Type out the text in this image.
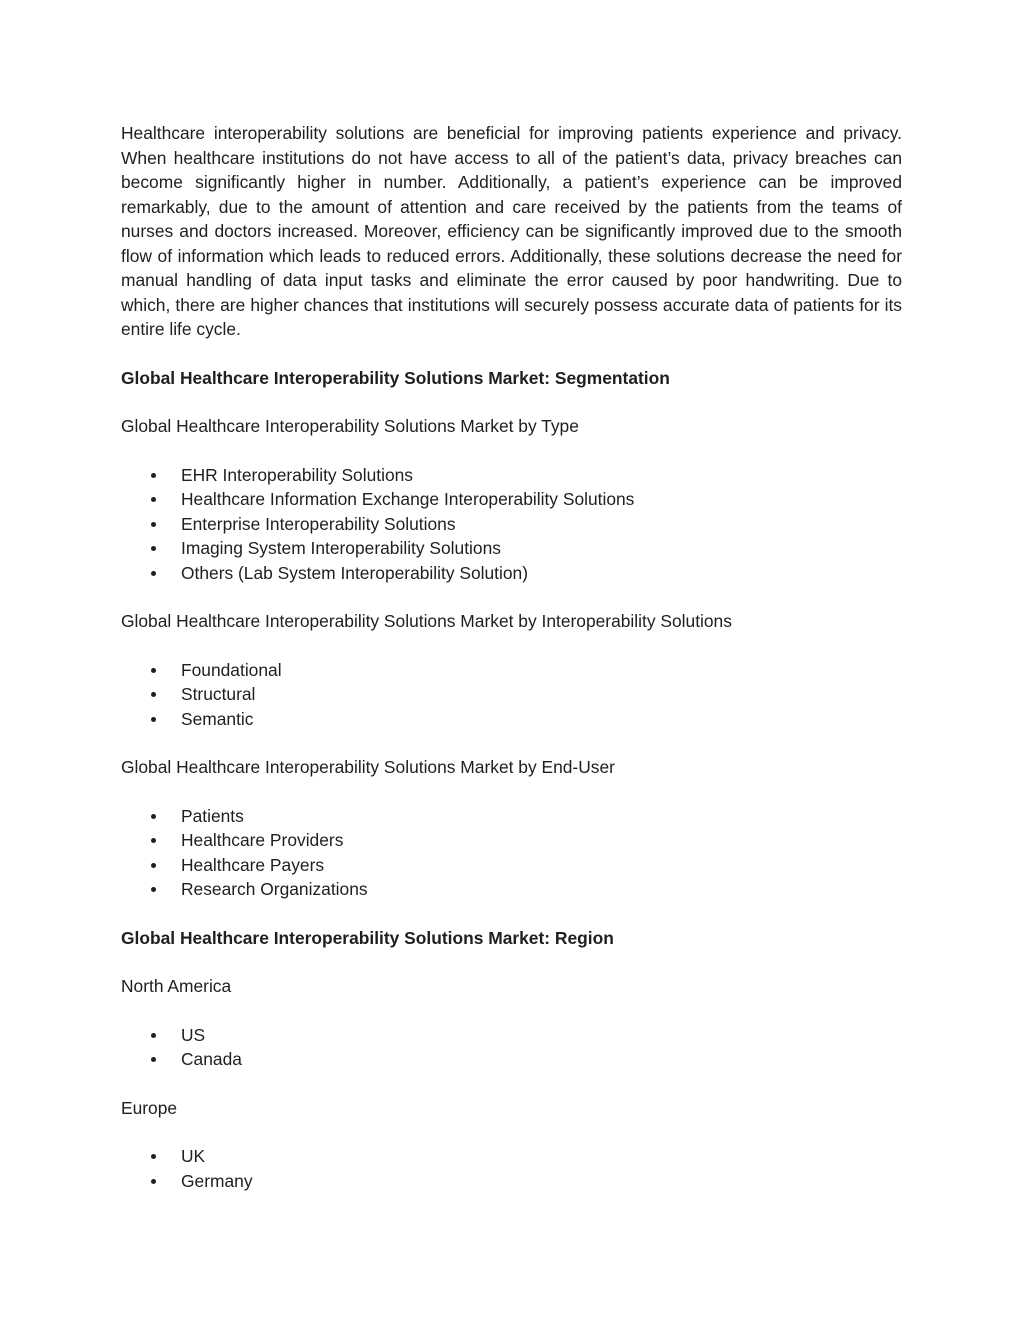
Healthcare interoperability solutions are beneficial for improving patients experience and privacy. When healthcare institutions do not have access to all of the patient’s data, privacy breaches can become significantly higher in number. Additionally, a patient’s experience can be improved remarkably, due to the amount of attention and care received by the patients from the teams of nurses and doctors increased. Moreover, efficiency can be significantly improved due to the smooth flow of information which leads to reduced errors. Additionally, these solutions decrease the need for manual handling of data input tasks and eliminate the error caused by poor handwriting. Due to which, there are higher chances that institutions will securely possess accurate data of patients for its entire life cycle.

Global Healthcare Interoperability Solutions Market: Segmentation

Global Healthcare Interoperability Solutions Market by Type

EHR Interoperability Solutions
Healthcare Information Exchange Interoperability Solutions
Enterprise Interoperability Solutions
Imaging System Interoperability Solutions
Others (Lab System Interoperability Solution)

Global Healthcare Interoperability Solutions Market by Interoperability Solutions

Foundational
Structural
Semantic

Global Healthcare Interoperability Solutions Market by End-User

Patients
Healthcare Providers
Healthcare Payers
Research Organizations

Global Healthcare Interoperability Solutions Market: Region

North America

US
Canada

Europe

UK
Germany
